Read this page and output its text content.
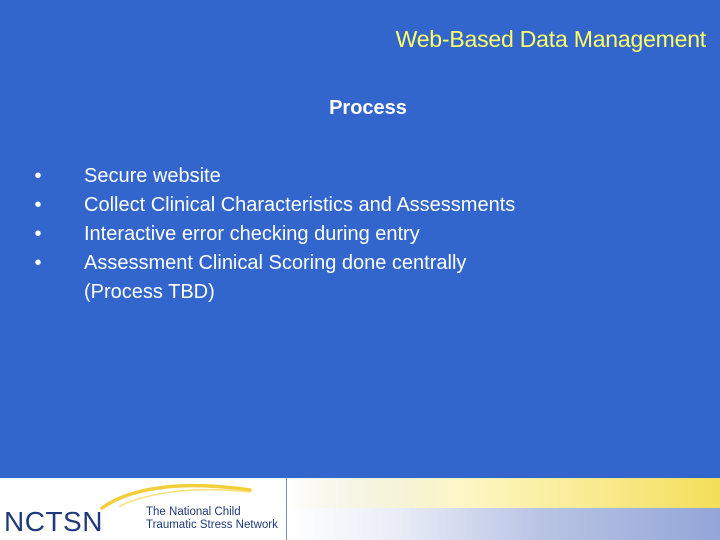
Web-Based Data Management
Process
• Secure website
• Collect Clinical Characteristics and Assessments
• Interactive error checking during entry
• Assessment Clinical Scoring done centrally (Process TBD)
NCTSN	The National Child
Traumatic Stress Network
